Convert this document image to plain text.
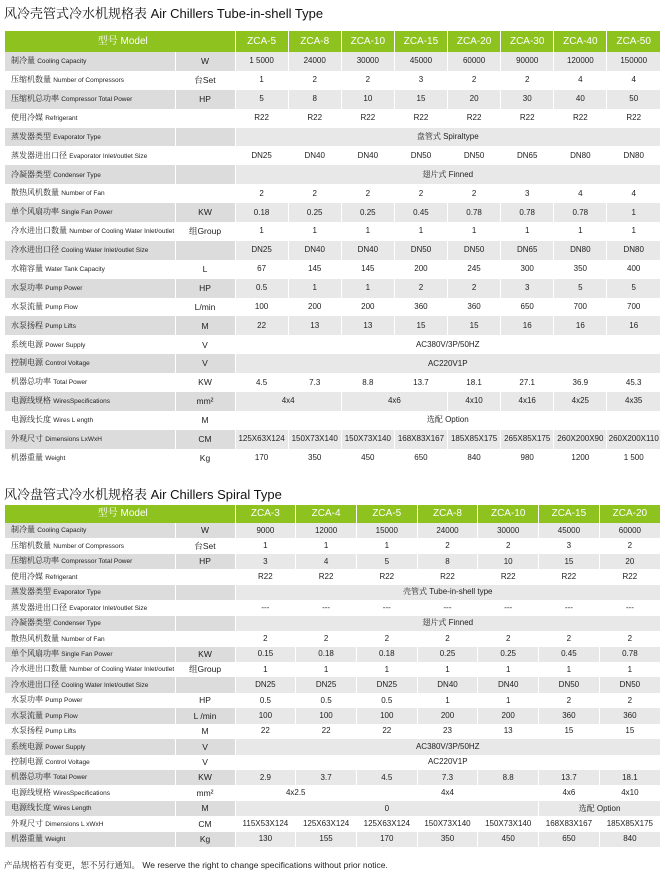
风冷壳管式冷水机规格表 Air Chillers Tube-in-shell Type
型号 Model		ZCA-5	ZCA-8	ZCA-10	ZCA-15	ZCA-20	ZCA-30	ZCA-40	ZCA-50
制冷量 Cooling Capacity	W	1 5000	24000	30000	45000	60000	90000	120000	150000
压缩机数量 Number of Compressors	台Set	1	2	2	3	2	2	4	4
压缩机总功率 Compressor Total Power	HP	5	8	10	15	20	30	40	50
使用冷媒 Refrigerant		R22	R22	R22	R22	R22	R22	R22	R22
蒸发器类型 Evaporator Type		盘管式 Spiraltype							
蒸发器进出口径 Evaporator Inlet/outlet Size		DN25	DN40	DN40	DN50	DN50	DN65	DN80	DN80
冷凝器类型 Condenser Type		翅片式 Finned							
散热风机数量 Number of Fan		2	2	2	2	2	3	4	4
单个风扇功率 Single Fan Power	KW	0.18	0.25	0.25	0.45	0.78	0.78	0.78	1
冷水进出口数量 Number of Cooling Water Inlet/outlet	组Group	1	1	1	1	1	1	1	1
冷水进出口径 Cooling Water Inlet/outlet Size		DN25	DN40	DN40	DN50	DN50	DN65	DN80	DN80
水箱容量 Water Tank Capacity	L	67	145	145	200	245	300	350	400
水泵功率 Pump Power	HP	0.5	1	1	2	2	3	5	5
水泵流量 Pump Flow	L/min	100	200	200	360	360	650	700	700
水泵扬程 Pump Lifts	M	22	13	13	15	15	16	16	16
系统电源 Power Supply	V	AC380V/3P/50HZ							
控制电源 Control Voltage	V	AC220V1P							
机器总功率 Total Power	KW	4.5	7.3	8.8	13.7	18.1	27.1	36.9	45.3
电源线规格 WiresSpecifications	mm²	4x4		4x6		4x10	4x16	4x25	4x35
电源线长度 Wires L ength	M	选配 Option							
外观尺寸 Dimensions LxWxH	CM	125X63X124	150X73X140	150X73X140	168X83X167	185X85X175	265X85X175	260X200X90	260X200X110
机器重量 Weight	Kg	170	350	450	650	840	980	1200	1 500
风冷盘管式冷水机规格表 Air Chillers Spiral Type
型号 Model		ZCA-3	ZCA-4	ZCA-5	ZCA-8	ZCA-10	ZCA-15	ZCA-20
制冷量 Cooling Capacity	W	9000	12000	15000	24000	30000	45000	60000
压缩机数量 Number of Compressors	台Set	1	1	1	2	2	3	2
压缩机总功率 Compressor Total Power	HP	3	4	5	8	10	15	20
使用冷媒 Refrigerant		R22	R22	R22	R22	R22	R22	R22
蒸发器类型 Evaporator Type		壳管式 Tube-in-shell type						
蒸发器进出口径 Evaporator Inlet/outlet Size		---	---	---	---	---	---	---
冷凝器类型 Condenser Type		翅片式 Finned						
散热风机数量 Number of Fan		2	2	2	2	2	2	2
单个风扇功率 Single Fan Power	KW	0.15	0.18	0.18	0.25	0.25	0.45	0.78
冷水进出口数量 Number of Cooling Water Inlet/outlet	组Group	1	1	1	1	1	1	1
冷水进出口径 Cooling Water Inlet/outlet Size		DN25	DN25	DN25	DN40	DN40	DN50	DN50
水泵功率 Pump Power	HP	0.5	0.5	0.5	1	1	2	2
水泵流量 Pump Flow	L /min	100	100	100	200	200	360	360
水泵扬程 Pump Lifts	M	22	22	22	23	13	15	15
系统电源 Power Supply	V	AC380V/3P/50HZ						
控制电源 Control Voltage	V	AC220V1P						
机器总功率 Total Power	KW	2.9	3.7	4.5	7.3	8.8	13.7	18.1
电源线规格 WiresSpecifications	mm²	4x2.5		4x4			4x6	4x10
电源线长度 Wires Length	M	0					选配 Option	
外观尺寸 Dimensions L xWxH	CM	115X53X124	125X63X124	125X63X124	150X73X140	150X73X140	168X83X167	185X85X175
机器重量 Weight	Kg	130	155	170	350	450	650	840
产品规格若有变更，恕不另行通知。 We reserve the right to change specifications without prior notice.
